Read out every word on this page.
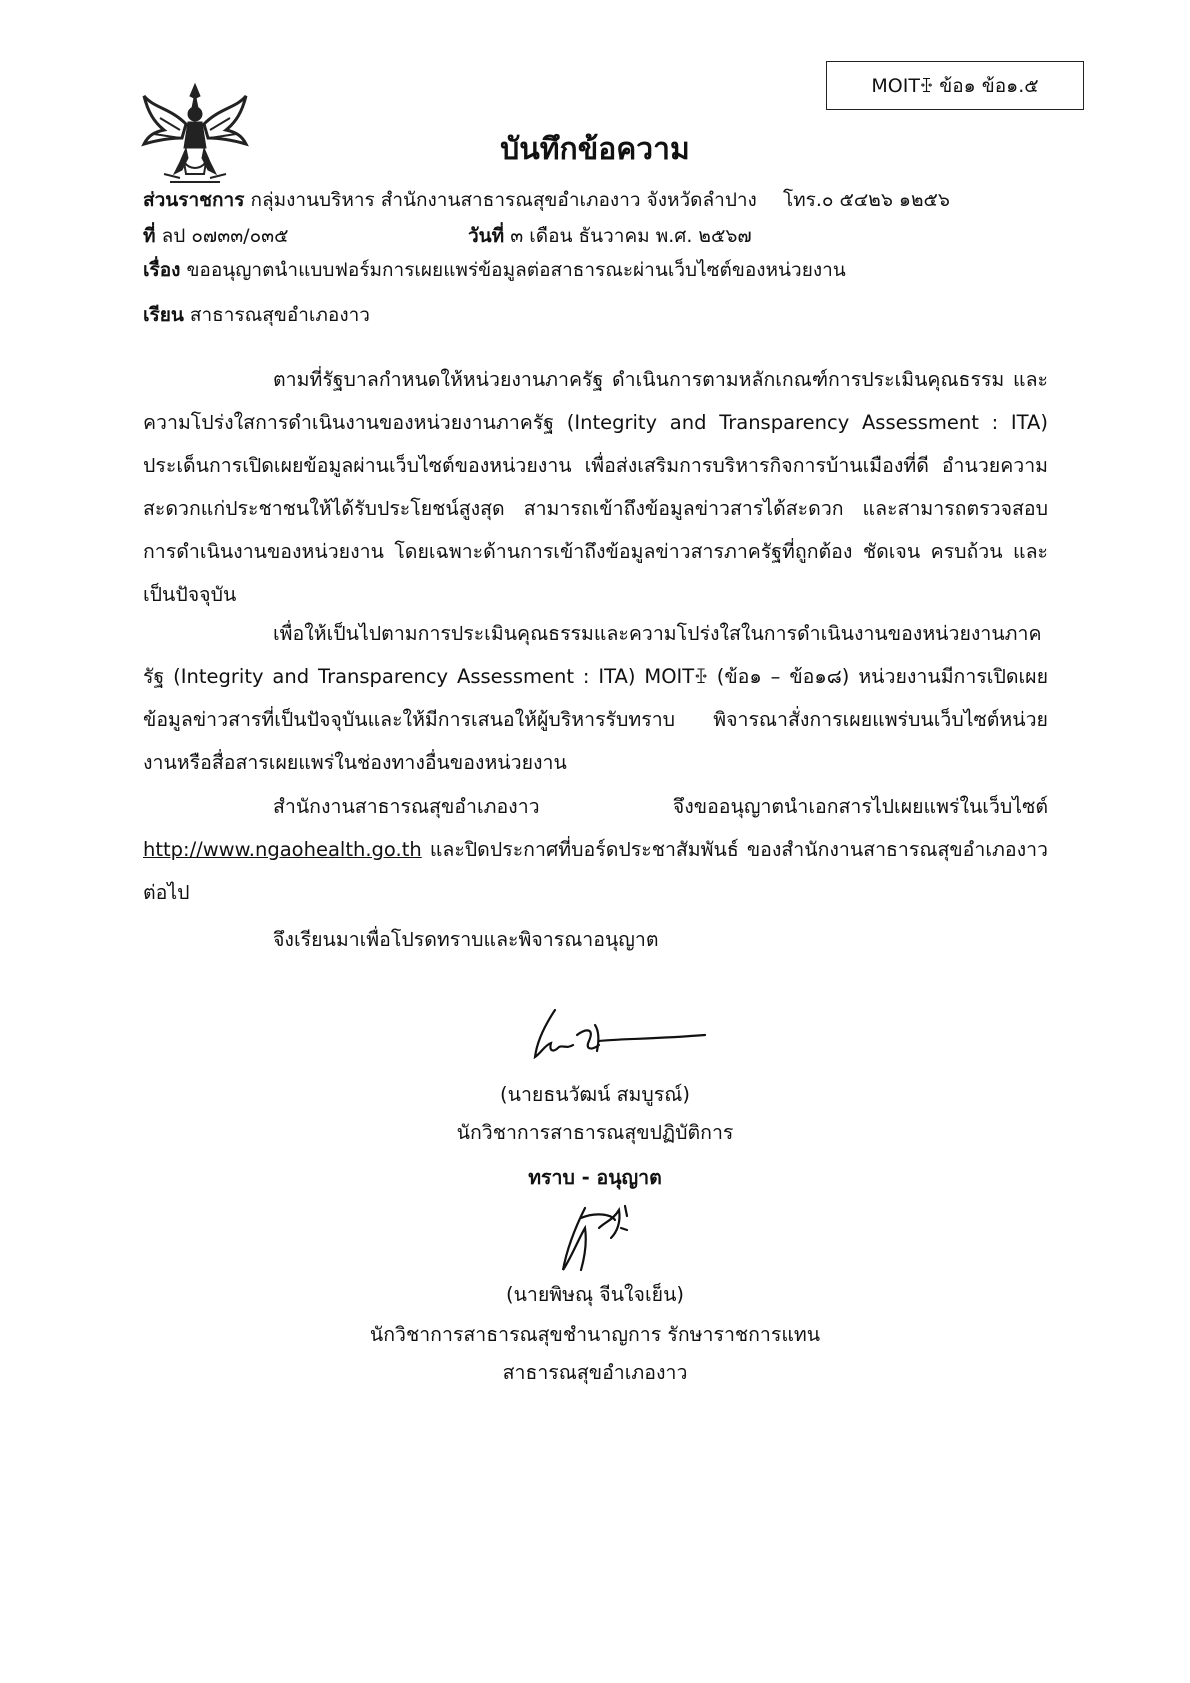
MOITꔀ ข้อ๑ ข้อ๑.๕
บันทึกข้อความ
ส่วนราชการ กลุ่มงานบริหาร สำนักงานสาธารณสุขอำเภองาว จังหวัดลำปาง โทร.๐ ๕๔๒๖ ๑๒๕๖
ที่ ลป ๐๗๓๓/๐๓๕	วันที่ ๓ เดือน ธันวาคม พ.ศ. ๒๕๖๗
เรื่อง ขออนุญาตนำแบบฟอร์มการเผยแพร่ข้อมูลต่อสาธารณะผ่านเว็บไซต์ของหน่วยงาน
เรียน สาธารณสุขอำเภองาว
ตามที่รัฐบาลกำหนดให้หน่วยงานภาครัฐ ดำเนินการตามหลักเกณฑ์การประเมินคุณธรรม และความโปร่งใสการดำเนินงานของหน่วยงานภาครัฐ (Integrity and Transparency Assessment : ITA) ประเด็นการเปิดเผยข้อมูลผ่านเว็บไซต์ของหน่วยงาน เพื่อส่งเสริมการบริหารกิจการบ้านเมืองที่ดี อำนวยความสะดวกแก่ประชาชนให้ได้รับประโยชน์สูงสุด สามารถเข้าถึงข้อมูลข่าวสารได้สะดวก และสามารถตรวจสอบการดำเนินงานของหน่วยงาน โดยเฉพาะด้านการเข้าถึงข้อมูลข่าวสารภาครัฐที่ถูกต้อง ชัดเจน ครบถ้วน และเป็นปัจจุบัน
เพื่อให้เป็นไปตามการประเมินคุณธรรมและความโปร่งใสในการดำเนินงานของหน่วยงานภาครัฐ (Integrity and Transparency Assessment : ITA) MOITꔀ (ข้อ๑ – ข้อ๑๘) หน่วยงานมีการเปิดเผยข้อมูลข่าวสารที่เป็นปัจจุบันและให้มีการเสนอให้ผู้บริหารรับทราบ พิจารณาสั่งการเผยแพร่บนเว็บไซต์หน่วยงานหรือสื่อสารเผยแพร่ในช่องทางอื่นของหน่วยงาน
สำนักงานสาธารณสุขอำเภองาว จึงขออนุญาตนำเอกสารไปเผยแพร่ในเว็บไซต์ http://www.ngaohealth.go.th และปิดประกาศที่บอร์ดประชาสัมพันธ์ ของสำนักงานสาธารณสุขอำเภองาว ต่อไป
จึงเรียนมาเพื่อโปรดทราบและพิจารณาอนุญาต
(นายธนวัฒน์ สมบูรณ์)
นักวิชาการสาธารณสุขปฏิบัติการ
ทราบ - อนุญาต
(นายพิษณุ จีนใจเย็น)
นักวิชาการสาธารณสุขชำนาญการ รักษาราชการแทน
สาธารณสุขอำเภองาว
